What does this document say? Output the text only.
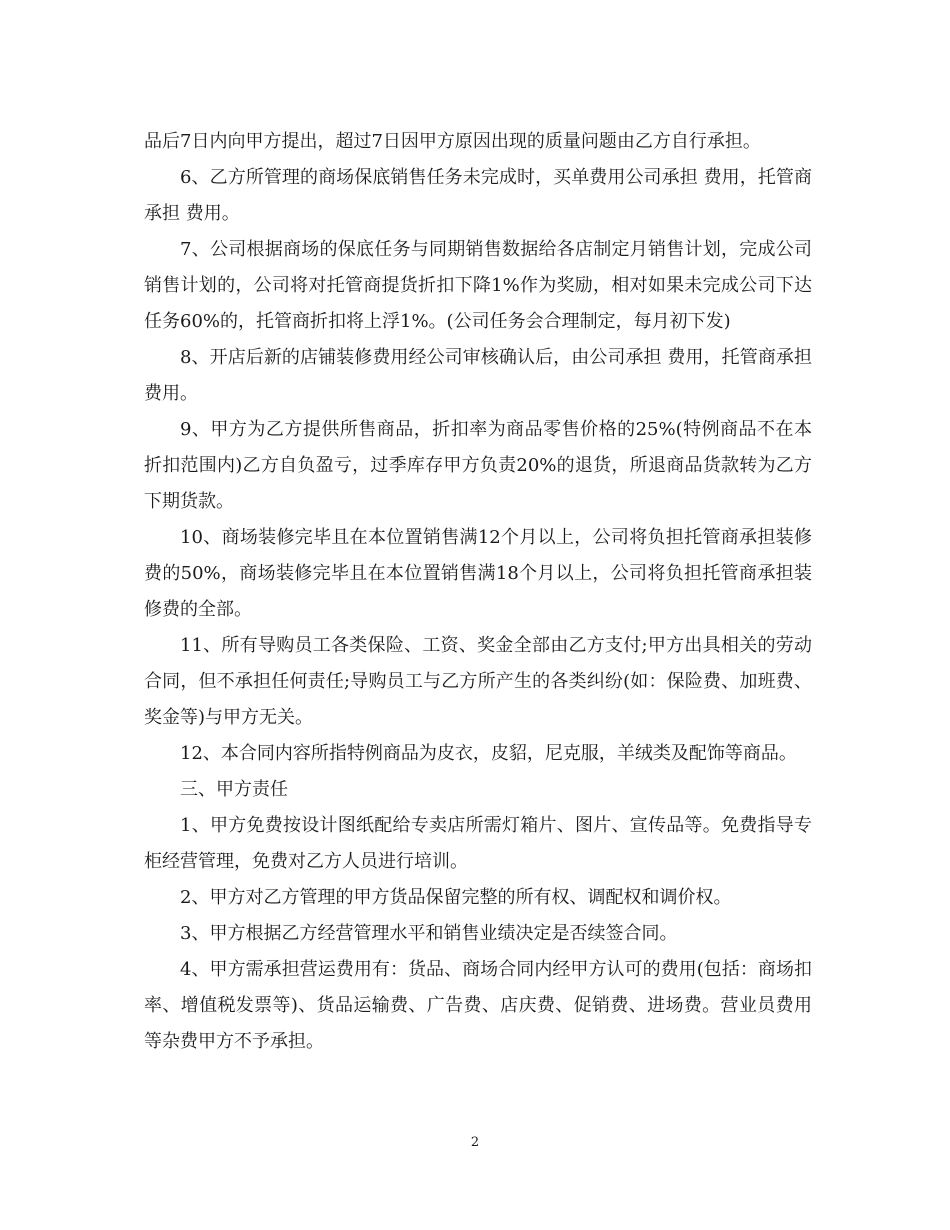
品后7日内向甲方提出，超过7日因甲方原因出现的质量问题由乙方自行承担。

6、乙方所管理的商场保底销售任务未完成时，买单费用公司承担 费用，托管商承担 费用。

7、公司根据商场的保底任务与同期销售数据给各店制定月销售计划，完成公司销售计划的，公司将对托管商提货折扣下降1%作为奖励，相对如果未完成公司下达任务60%的，托管商折扣将上浮1%。(公司任务会合理制定，每月初下发)

8、开店后新的店铺装修费用经公司审核确认后，由公司承担 费用，托管商承担 费用。

9、甲方为乙方提供所售商品，折扣率为商品零售价格的25%(特例商品不在本折扣范围内)乙方自负盈亏，过季库存甲方负责20%的退货，所退商品货款转为乙方下期货款。

10、商场装修完毕且在本位置销售满12个月以上，公司将负担托管商承担装修费的50%，商场装修完毕且在本位置销售满18个月以上，公司将负担托管商承担装修费的全部。

11、所有导购员工各类保险、工资、奖金全部由乙方支付;甲方出具相关的劳动合同，但不承担任何责任;导购员工与乙方所产生的各类纠纷(如：保险费、加班费、奖金等)与甲方无关。

12、本合同内容所指特例商品为皮衣，皮貂，尼克服，羊绒类及配饰等商品。

三、甲方责任

1、甲方免费按设计图纸配给专卖店所需灯箱片、图片、宣传品等。免费指导专柜经营管理，免费对乙方人员进行培训。

2、甲方对乙方管理的甲方货品保留完整的所有权、调配权和调价权。

3、甲方根据乙方经营管理水平和销售业绩决定是否续签合同。

4、甲方需承担营运费用有：货品、商场合同内经甲方认可的费用(包括：商场扣率、增值税发票等)、货品运输费、广告费、店庆费、促销费、进场费。营业员费用等杂费甲方不予承担。

2
